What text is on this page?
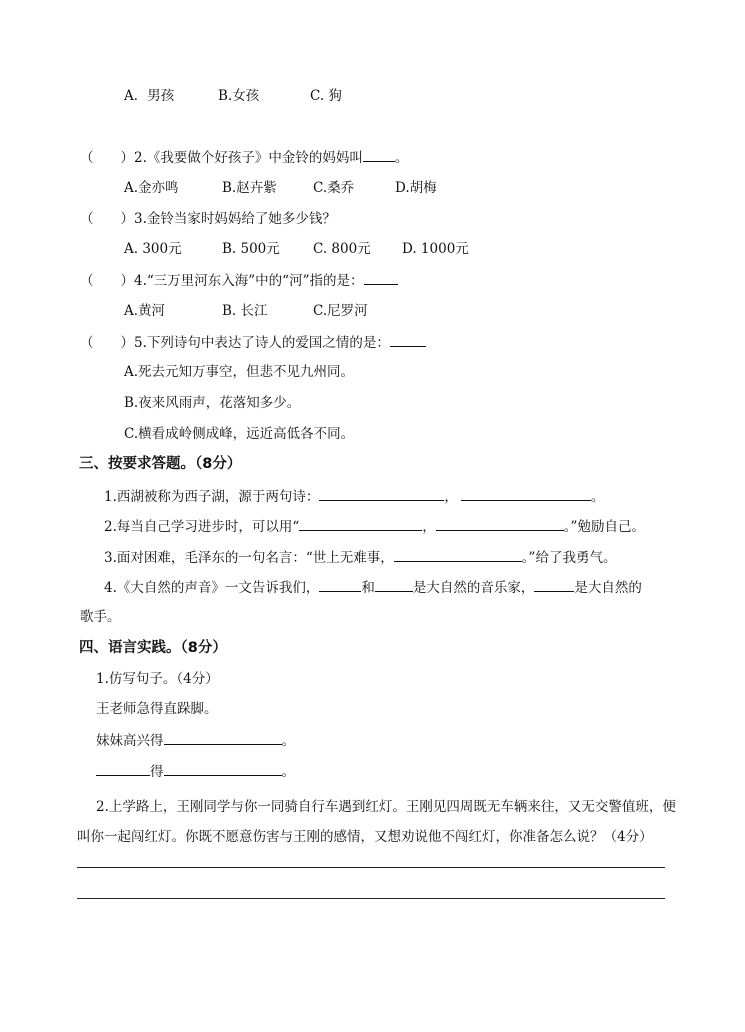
A．男孩	B.女孩	C. 狗
（　　）2.《我要做个好孩子》中金铃的妈妈叫 。
A.金亦鸣	B.赵卉紫	C.桑乔	D.胡梅
（　　）3.金铃当家时妈妈给了她多少钱？
A. 300元	B. 500元 C. 800元 D. 1000元
（　　）4.“三万里河东入海”中的“河”指的是：
A.黄河	B. 长江	C.尼罗河
（　　）5.下列诗句中表达了诗人的爱国之情的是：
A.死去元知万事空，但悲不见九州同。
B.夜来风雨声，花落知多少。
C.横看成岭侧成峰，远近高低各不同。
三、按要求答题。（8分）
1.西湖被称为西子湖，源于两句诗：	，	。
2.每当自己学习进步时，可以用“	，	。”勉励自己。
3.面对困难，毛泽东的一句名言：“世上无难事，	。”给了我勇气。
4.《大自然的声音》一文告诉我们，	和	是大自然的音乐家，	是大自然的
歌手。
四、语言实践。（8分）
1.仿写句子。（4分）
王老师急得直跺脚。
妹妹高兴得	。
得	。
2.上学路上，王刚同学与你一同骑自行车遇到红灯。王刚见四周既无车辆来往，又无交警值班，便叫你一起闯红灯。你既不愿意伤害与王刚的感情，又想劝说他不闯红灯，你准备怎么说？（4分）
